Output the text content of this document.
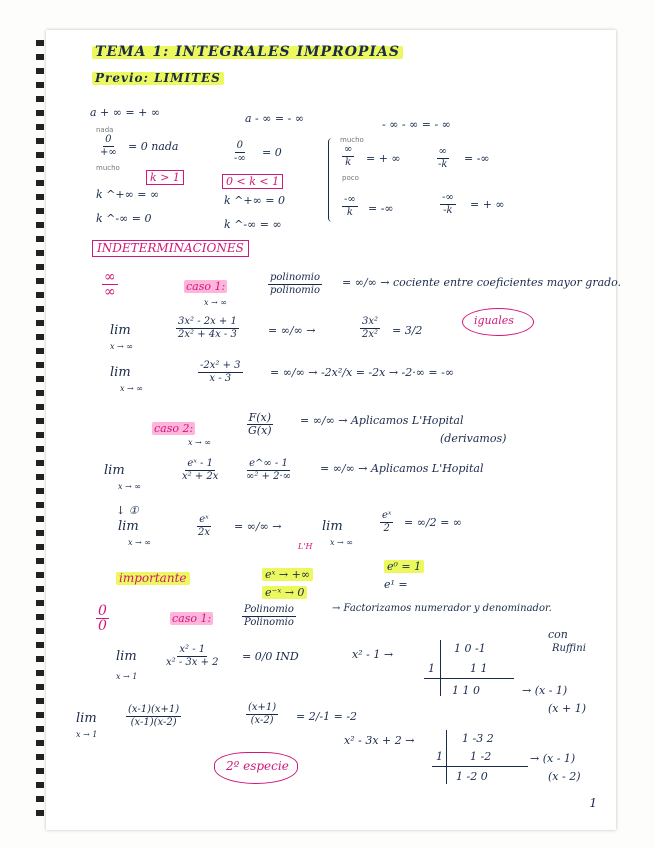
TEMA 1: INTEGRALES IMPROPIAS
Previo: LIMITES
a + ∞ = + ∞	a - ∞ = - ∞	- ∞ - ∞ = - ∞
nada
0
+∞ = 0 nada
mucho
0
-∞ = 0
mucho
∞
k = + ∞
poco
∞
-k = -∞
k > 1
k ^+∞ = ∞
k ^-∞ = 0
0 < k < 1
k ^+∞ = 0
k ^-∞ = ∞
-∞
k = -∞
-∞
-k = + ∞
INDETERMINACIONES
∞
∞	caso 1:
polinomio
polinomio
x → ∞
= ∞/∞ → cociente entre coeficientes mayor grado.
lim
x → ∞
$\frac{\text{3x² - 2x + 1}}{\text{2x² + 4x - 3}}$	= ∞/∞ →	$\frac{\text{3x²}}{\text{2x²}} = 3/2$
iguales
lim
x → ∞
$\frac{\text{-2x² + 3}}{x - 3}$	= ∞/∞ → -2x²/x = -2x → -2·∞ = -∞
caso 2:	$\frac{F(x)}{G(x)}$
x → ∞
= ∞/∞ → Aplicamos L'Hopital
(derivamos)
lim
x → ∞
$\frac{\text{eˣ - 1}}{\text{x² + 2x}} \frac{e\^{}\infty - 1}{\text{∞² + 2·∞}}$ = ∞/∞ → Aplicamos L'Hopital
↓ ①
lim
x → ∞
$\frac{\text{eˣ}}{2x}$ = ∞/∞ →
L'H
lim
x → ∞
$\frac{\text{eˣ}}{2} = \infty/2$ = ∞
importante	eˣ → +∞
e⁻ˣ → 0
e⁰ = 1
e¹ =
$\frac{0}{0}$	caso 1:
Polinomio
Polinomio
→ Factorizamos numerador y denominador.
con
Ruffini
lim
x → 1
$\frac{\text{x² - 1}}{\text{x² - 3x + 2}} = 0/0$ IND	x² - 1 →	1 0 -1
1	1 1
1 1 0	→ (x - 1)
(x + 1)
lim
x → 1
$\frac{(x-1)(x+1)}{(x-1)(x-2)}$	$\frac{(x+1)}{(x-2)} = 2/-1 = -2$
x² - 3x + 2 →	1 -3 2
1 1 -2
1 -2 0
→ (x - 1)
(x - 2)
2º especie
1
